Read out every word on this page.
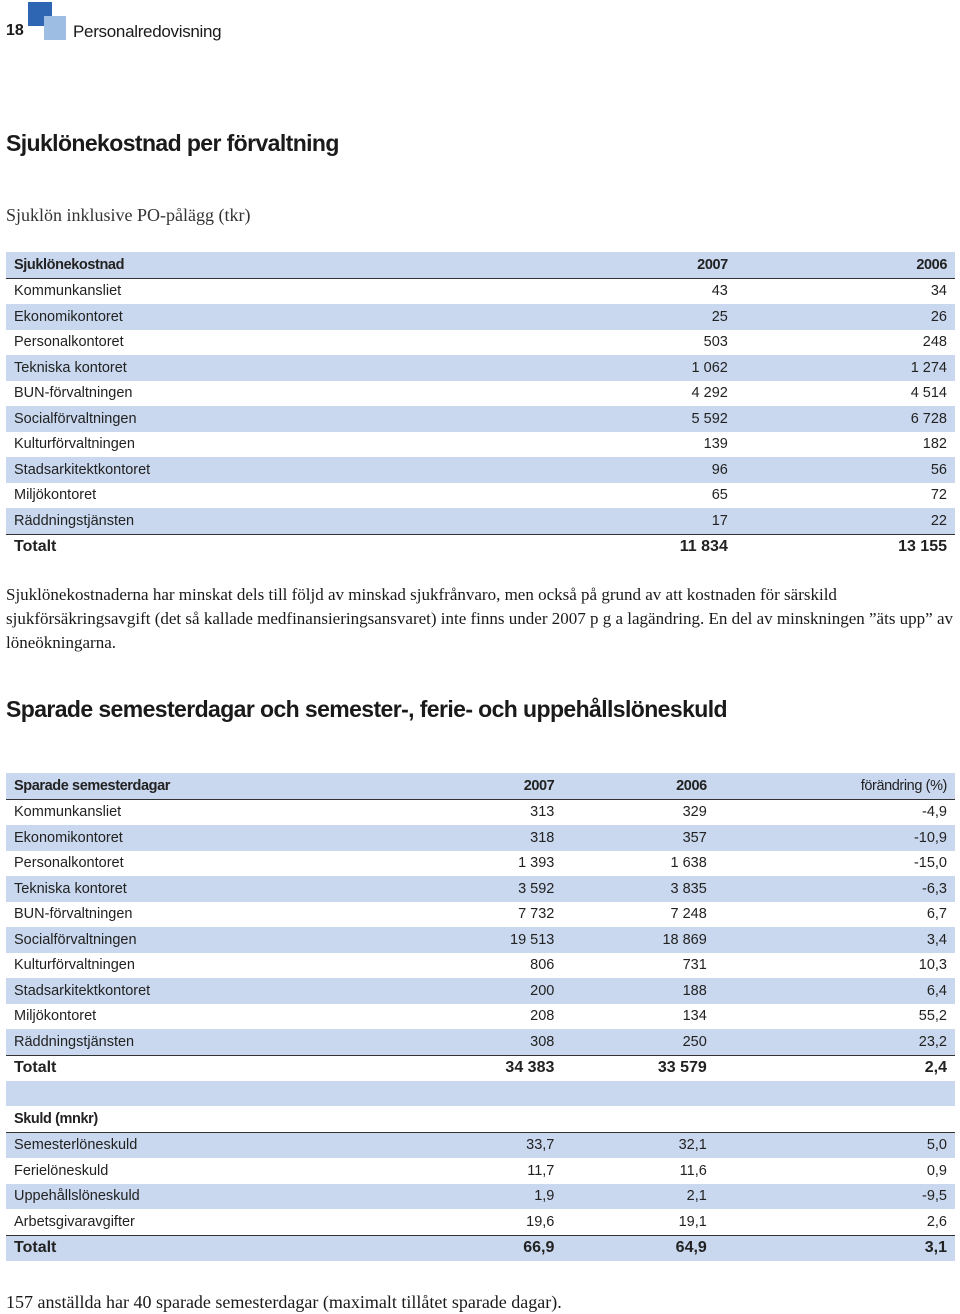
18	Personalredovisning
Sjuklönekostnad per förvaltning
Sjuklön inklusive PO-pålägg (tkr)
Sjuklönekostnad	2007	2006
Kommunkansliet	43	34
Ekonomikontoret	25	26
Personalkontoret	503	248
Tekniska kontoret	1 062	1 274
BUN-förvaltningen	4 292	4 514
Socialförvaltningen	5 592	6 728
Kulturförvaltningen	139	182
Stadsarkitektkontoret	96	56
Miljökontoret	65	72
Räddningstjänsten	17	22
Totalt	11 834	13 155

Sjuklönekostnaderna har minskat dels till följd av minskad sjukfrånvaro, men också på grund av att kostnaden för särskild sjukförsäkringsavgift (det så kallade medfinansieringsansvaret) inte finns under 2007 p g a lagändring. En del av minskningen ”äts upp” av löneökningarna.

Sparade semesterdagar och semester-, ferie- och uppehållslöneskuld
Sparade semesterdagar	2007	2006	förändring (%)
Kommunkansliet	313	329	-4,9
Ekonomikontoret	318	357	-10,9
Personalkontoret	1 393	1 638	-15,0
Tekniska kontoret	3 592	3 835	-6,3
BUN-förvaltningen	7 732	7 248	6,7
Socialförvaltningen	19 513	18 869	3,4
Kulturförvaltningen	806	731	10,3
Stadsarkitektkontoret	200	188	6,4
Miljökontoret	208	134	55,2
Räddningstjänsten	308	250	23,2
Totalt	34 383	33 579	2,4

Skuld (mnkr)			
Semesterlöneskuld	33,7	32,1	5,0
Ferielöneskuld	11,7	11,6	0,9
Uppehållslöneskuld	1,9	2,1	-9,5
Arbetsgivaravgifter	19,6	19,1	2,6
Totalt	66,9	64,9	3,1

157 anställda har 40 sparade semesterdagar (maximalt tillåtet sparade dagar).
